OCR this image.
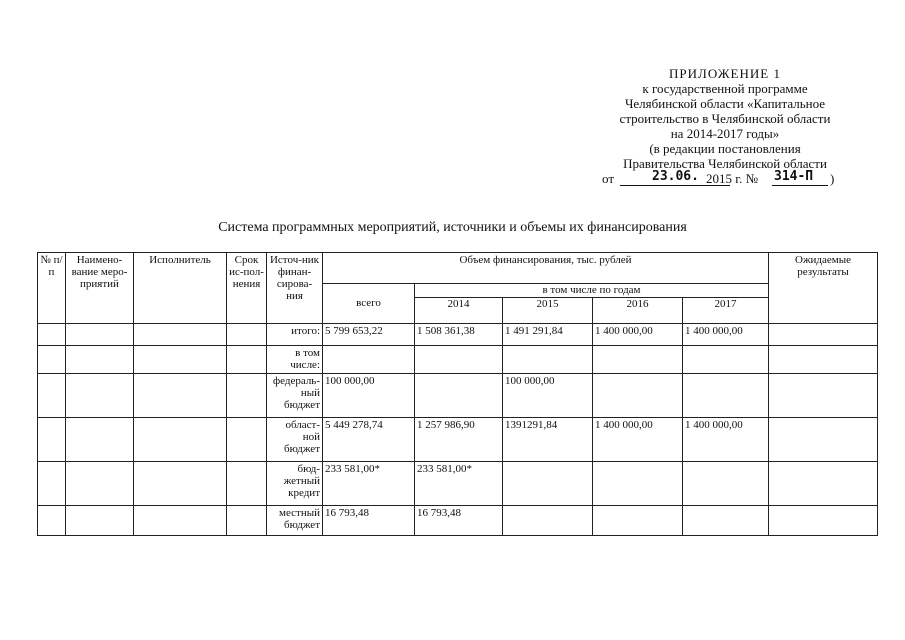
ПРИЛОЖЕНИЕ 1
к государственной программе
Челябинской области «Капитальное
строительство в Челябинской области
на 2014-2017 годы»
(в редакции постановления
Правительства Челябинской области
от	23.06. 2015 г. № 314-П )
Система программных мероприятий, источники и объемы их финансирования
№ п/п	Наимено-вание меро-приятий	Исполнитель	Срок ис-пол-нения	Источ-ник финан-сирова-ния	Объем финансирования, тыс. рублей					Ожидаемые результаты
					всего	в том числе по годам				
						2014	2015	2016	2017	
				итого:	5 799 653,22	1 508 361,38	1 491 291,84	1 400 000,00	1 400 000,00	
				в том числе:						
				федераль-ный бюджет	100 000,00		100 000,00			
				област-ной бюджет	5 449 278,74	1 257 986,90	1391291,84	1 400 000,00	1 400 000,00	
				бюд-жетный кредит	233 581,00*	233 581,00*				
				местный бюджет	16 793,48	16 793,48				
